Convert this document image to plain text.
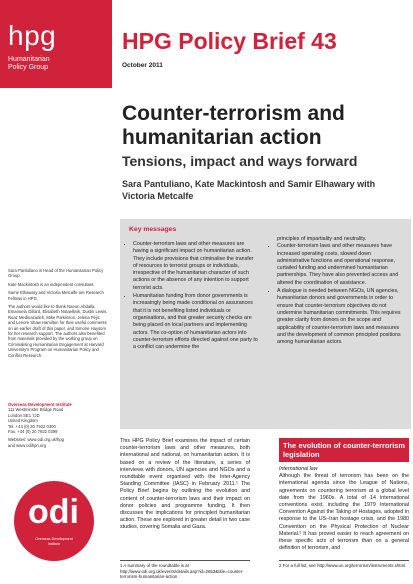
hpg
Humanitarian
Policy Group

Sara Pantuliano is Head of the Humanitarian Policy Group.

Kate Mackintosh is an independent consultant.

Samir Elhawary and Victoria Metcalfe are Research Fellows in HPG.

The authors would like to thank Naeun Abdalla, Emanuela Gillard, Elisabeth Notaelkvik, Dustin Lewis, Ruaz Medinazadeh, Mike Parkinson, Jelena Pejic and Lenore Shaw Hamilton for their useful comments on an earlier draft of this paper, and Simone Haysom for her research support. The authors also benefited from materials provided by the working group on Criminalising Humanitarian Engagement at Harvard University's Program on Humanitarian Policy and Conflict Research.

Overseas Development Institute
111 Westminster Bridge Road
London SE1 7JD
United Kingdom
Tel. +44 (0) 20 7922 0300
Fax. +44 (0) 20 7922 0399
Websites: www.odi.org.uk/hpg
and www.odihpn.org
odi
Overseas Development
Institute
HPG Policy Brief 43
October 2011
Counter-terrorism and humanitarian action
Tensions, impact and ways forward
Sara Pantuliano, Kate Mackintosh and Samir Elhawary with Victoria Metcalfe
Key messages
• Counter-terrorism laws and other measures are having a significant impact on humanitarian action. They include provisions that criminalise the transfer of resources to terrorist groups or individuals, irrespective of the humanitarian character of such actions or the absence of any intention to support terrorist acts.
• Humanitarian funding from donor governments is increasingly being made conditional on assurances that it is not benefiting listed individuals or organisations, and that greater security checks are being placed on local partners and implementing actors. The co-option of humanitarian actors into counter-terrorism efforts directed against one party to a conflict can undermine the

principles of impartiality and neutrality.

• Counter-terrorism laws and other measures have increased operating costs, slowed down administrative functions and operational response, curtailed funding and undermined humanitarian partnerships. They have also prevented access and altered the coordination of assistance.
• A dialogue is needed between NGOs, UN agencies, humanitarian donors and governments in order to ensure that counter-terrorism objectives do not undermine humanitarian commitments. This requires greater clarity from donors on the scope and applicability of counter-terrorism laws and measures and the development of common principled positions among humanitarian actors.

This HPG Policy Brief examines the impact of certain counter-terrorism laws and other measures, both international and national, on humanitarian action. It is based on a review of the literature, a series of interviews with donors, UN agencies and NGOs and a roundtable event organised with the Inter-Agency Standing Committee (IASC) in February 2011.¹ The Policy Brief begins by outlining the evolution and content of counter-terrorism laws and their impact on donor policies and programme funding. It then discusses the implications for principled humanitarian action. These are explored in greater detail in two case studies, covering Somalia and Gaza.

The evolution of counter-terrorism legislation

International law

Although the threat of terrorism has been on the international agenda since the League of Nations, agreements on countering terrorism at a global level date from the 1960s. A total of 14 international conventions exist, including the 1979 International Convention Against the Taking of Hostages, adopted in response to the US–Iran hostage crisis, and the 1980 Convention on the Physical Protection of Nuclear Material.² It has proved easier to reach agreement on these specific acts of terrorism than on a general definition of terrorism, and

1 A summary of the roundtable is at http://www.odi.org.uk/events/details.asp?id=2653&title=counter-terrorism-humanitarian-action.
2 For a full list, see http://www.un.org/terrorism/instruments.shtml.
